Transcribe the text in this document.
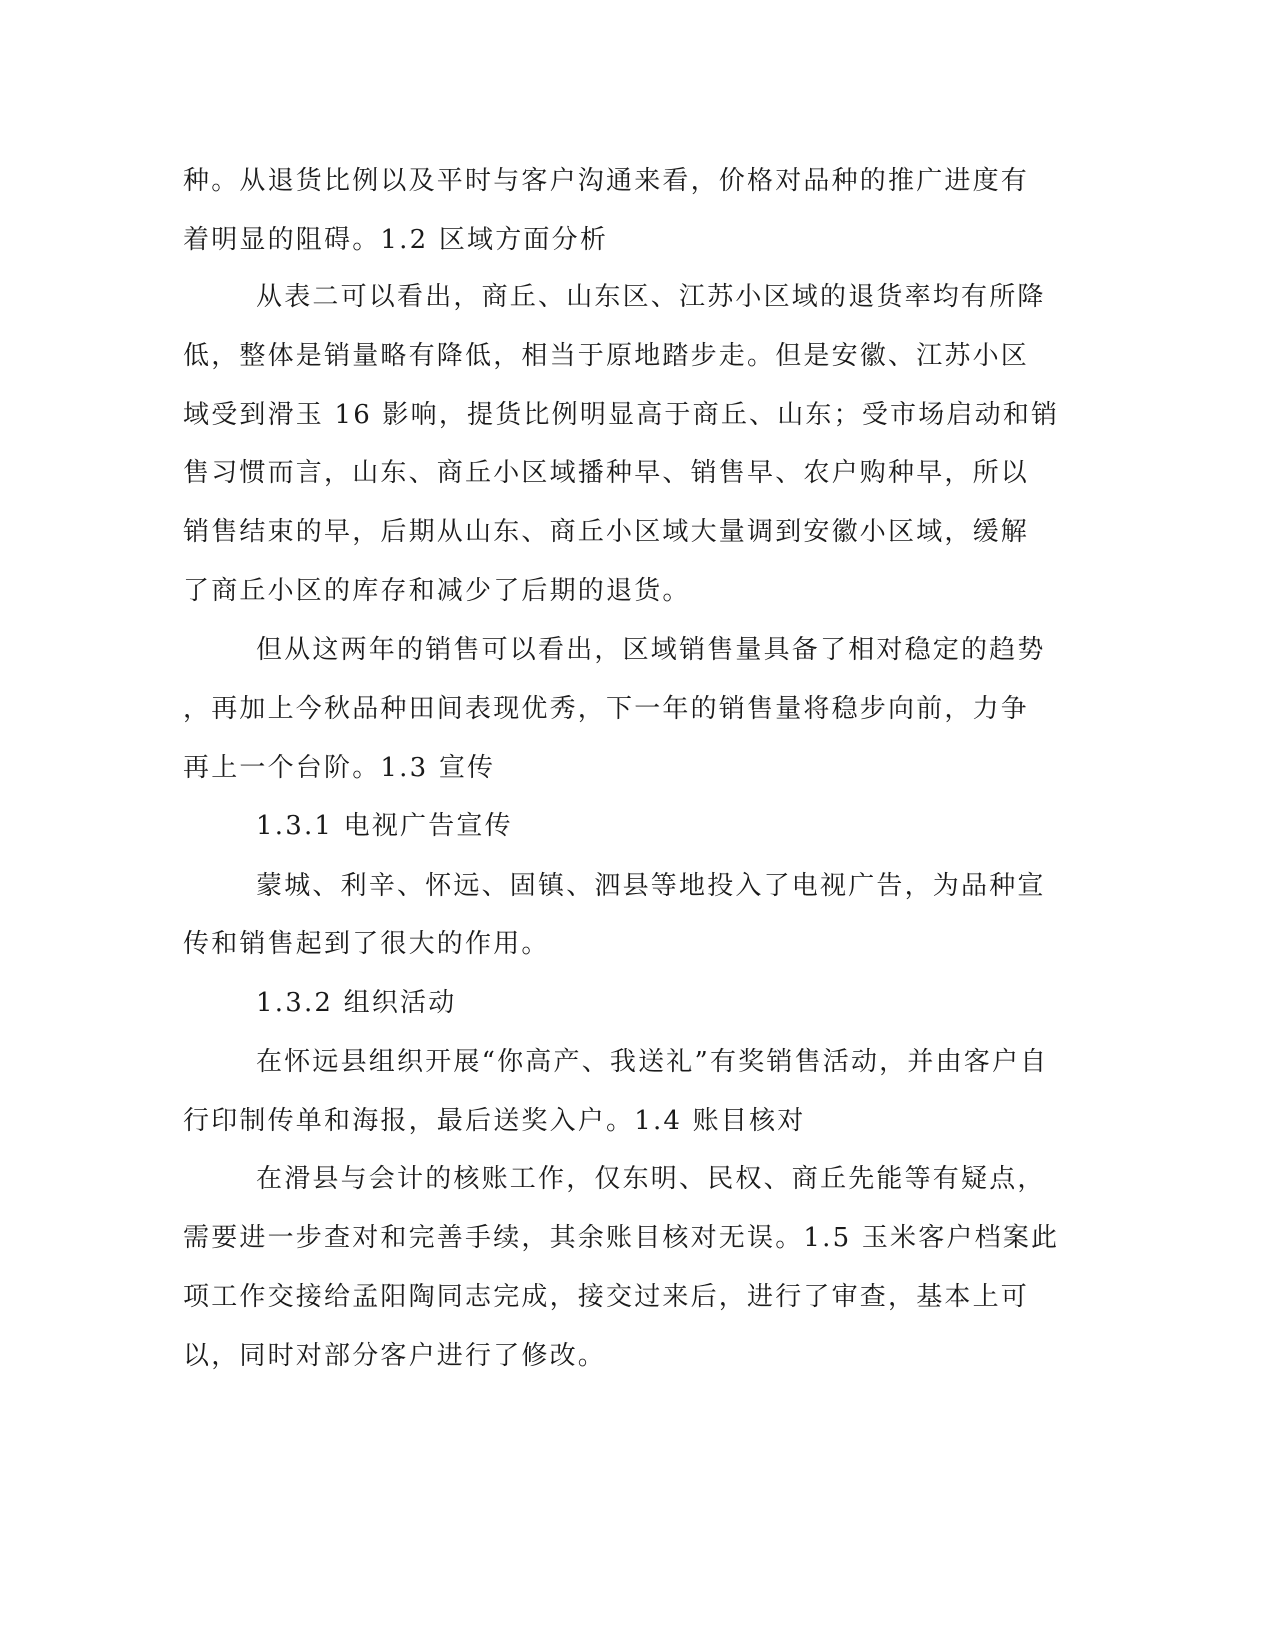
种。从退货比例以及平时与客户沟通来看，价格对品种的推广进度有
着明显的阻碍。1.2 区域方面分析
从表二可以看出，商丘、山东区、江苏小区域的退货率均有所降
低，整体是销量略有降低，相当于原地踏步走。但是安徽、江苏小区
域受到滑玉 16 影响，提货比例明显高于商丘、山东；受市场启动和销
售习惯而言，山东、商丘小区域播种早、销售早、农户购种早，所以
销售结束的早，后期从山东、商丘小区域大量调到安徽小区域，缓解
了商丘小区的库存和减少了后期的退货。
但从这两年的销售可以看出，区域销售量具备了相对稳定的趋势
，再加上今秋品种田间表现优秀，下一年的销售量将稳步向前，力争
再上一个台阶。1.3 宣传
1.3.1 电视广告宣传
蒙城、利辛、怀远、固镇、泗县等地投入了电视广告，为品种宣
传和销售起到了很大的作用。
1.3.2 组织活动
在怀远县组织开展“你高产、我送礼”有奖销售活动，并由客户自
行印制传单和海报，最后送奖入户。1.4 账目核对
在滑县与会计的核账工作，仅东明、民权、商丘先能等有疑点，
需要进一步查对和完善手续，其余账目核对无误。1.5 玉米客户档案此
项工作交接给孟阳陶同志完成，接交过来后，进行了审查，基本上可
以，同时对部分客户进行了修改。
